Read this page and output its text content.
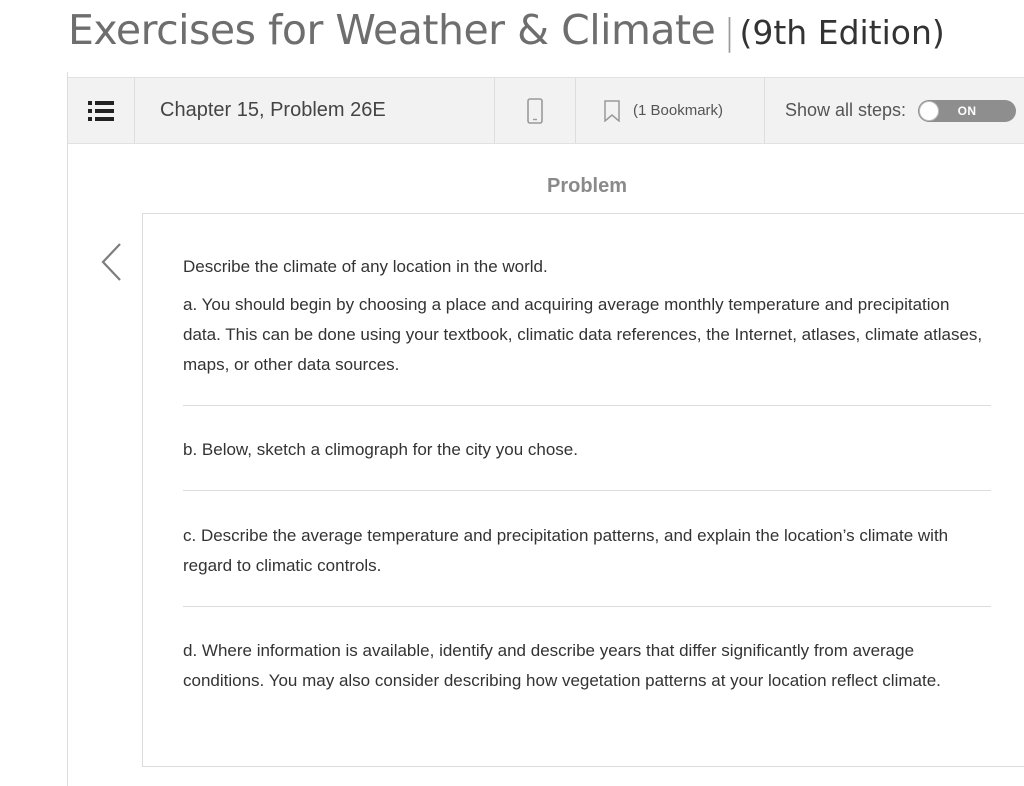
Exercises for Weather & Climate | (9th Edition)
Chapter 15, Problem 26E	(1 Bookmark)	Show all steps:	ON
Problem
Describe the climate of any location in the world.
a. You should begin by choosing a place and acquiring average monthly temperature and precipitation data. This can be done using your textbook, climatic data references, the Internet, atlases, climate atlases, maps, or other data sources.
b. Below, sketch a climograph for the city you chose.
c. Describe the average temperature and precipitation patterns, and explain the location’s climate with regard to climatic controls.
d. Where information is available, identify and describe years that differ significantly from average conditions. You may also consider describing how vegetation patterns at your location reflect climate.
